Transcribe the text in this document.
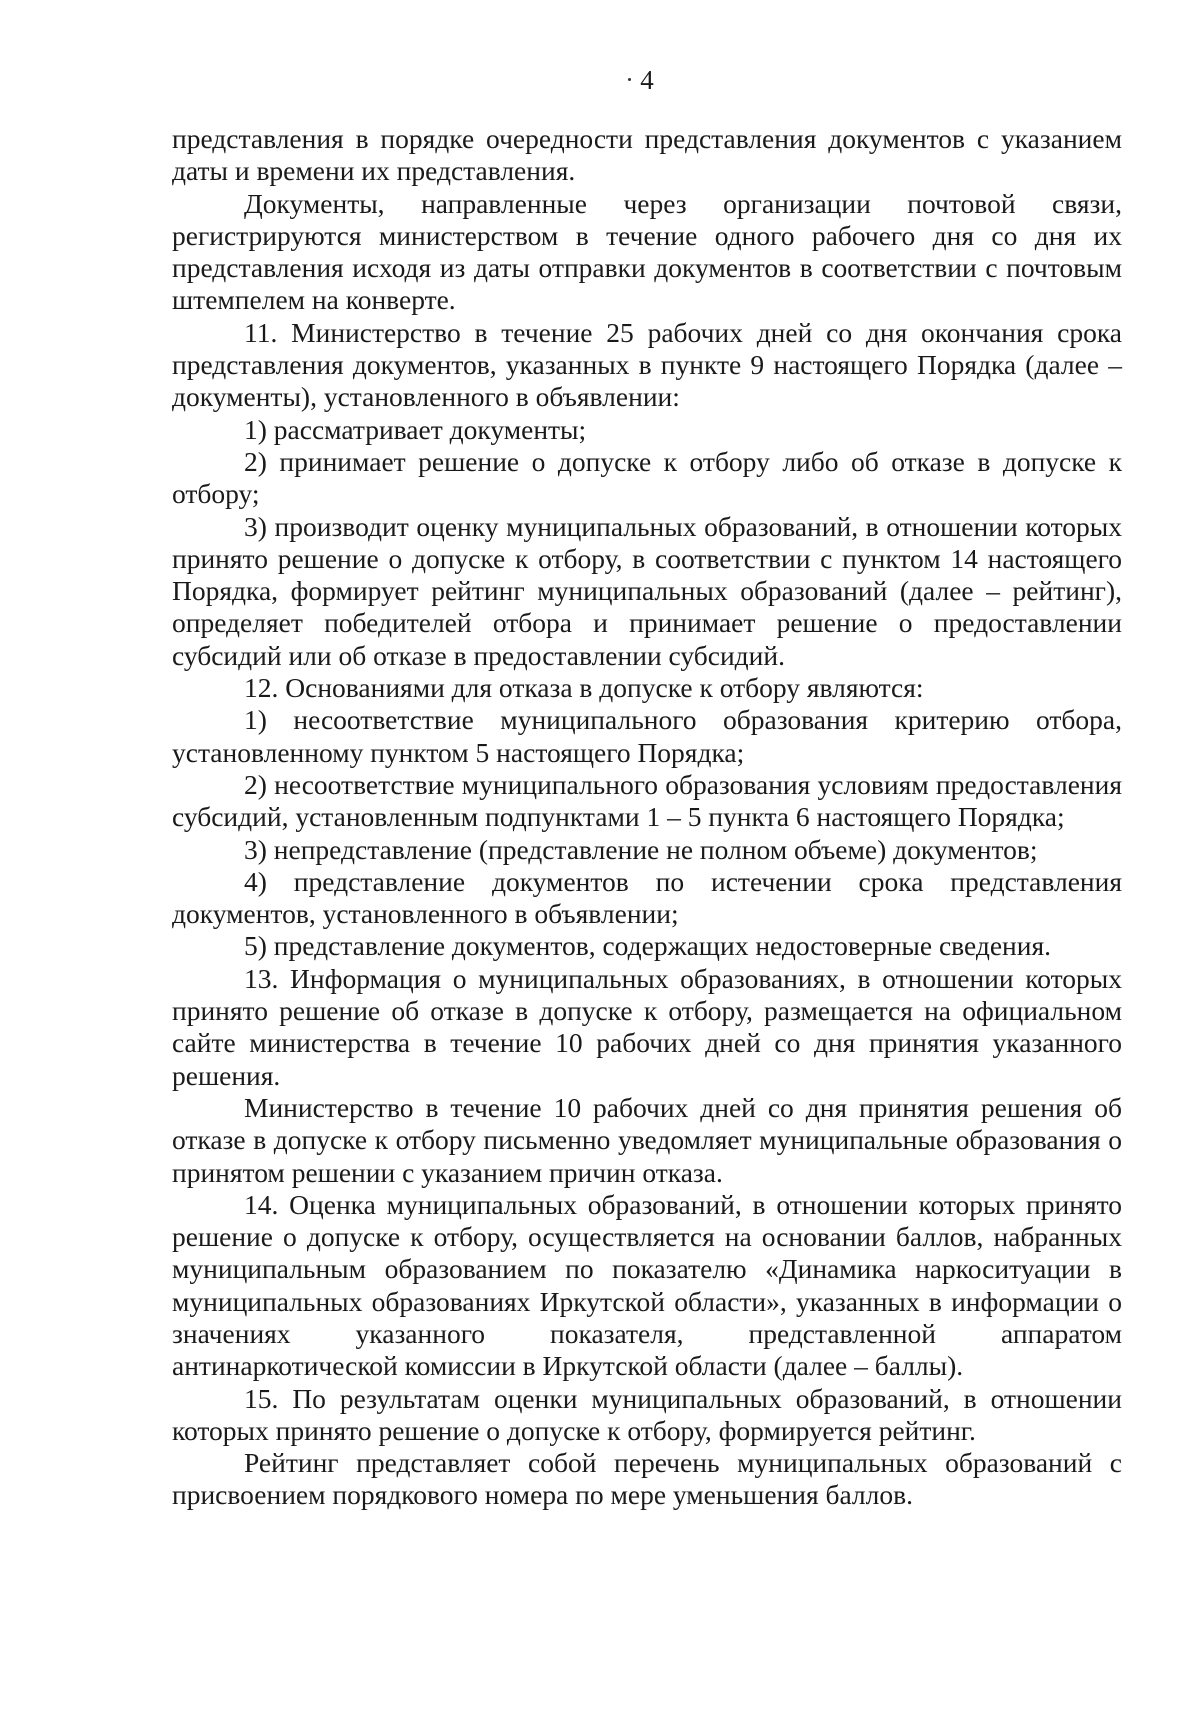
4

представления в порядке очередности представления документов с указанием даты и времени их представления.

Документы, направленные через организации почтовой связи, регистрируются министерством в течение одного рабочего дня со дня их представления исходя из даты отправки документов в соответствии с почтовым штемпелем на конверте.

11. Министерство в течение 25 рабочих дней со дня окончания срока представления документов, указанных в пункте 9 настоящего Порядка (далее – документы), установленного в объявлении:

1) рассматривает документы;

2) принимает решение о допуске к отбору либо об отказе в допуске к отбору;

3) производит оценку муниципальных образований, в отношении которых принято решение о допуске к отбору, в соответствии с пунктом 14 настоящего Порядка, формирует рейтинг муниципальных образований (далее – рейтинг), определяет победителей отбора и принимает решение о предоставлении субсидий или об отказе в предоставлении субсидий.

12. Основаниями для отказа в допуске к отбору являются:

1) несоответствие муниципального образования критерию отбора, установленному пунктом 5 настоящего Порядка;

2) несоответствие муниципального образования условиям предоставления субсидий, установленным подпунктами 1 – 5 пункта 6 настоящего Порядка;

3) непредставление (представление не полном объеме) документов;

4) представление документов по истечении срока представления документов, установленного в объявлении;

5) представление документов, содержащих недостоверные сведения.

13. Информация о муниципальных образованиях, в отношении которых принято решение об отказе в допуске к отбору, размещается на официальном сайте министерства в течение 10 рабочих дней со дня принятия указанного решения.

Министерство в течение 10 рабочих дней со дня принятия решения об отказе в допуске к отбору письменно уведомляет муниципальные образования о принятом решении с указанием причин отказа.

14. Оценка муниципальных образований, в отношении которых принято решение о допуске к отбору, осуществляется на основании баллов, набранных муниципальным образованием по показателю «Динамика наркоситуации в муниципальных образованиях Иркутской области», указанных в информации о значениях указанного показателя, представленной аппаратом антинаркотической комиссии в Иркутской области (далее – баллы).

15. По результатам оценки муниципальных образований, в отношении которых принято решение о допуске к отбору, формируется рейтинг.

Рейтинг представляет собой перечень муниципальных образований с присвоением порядкового номера по мере уменьшения баллов.
